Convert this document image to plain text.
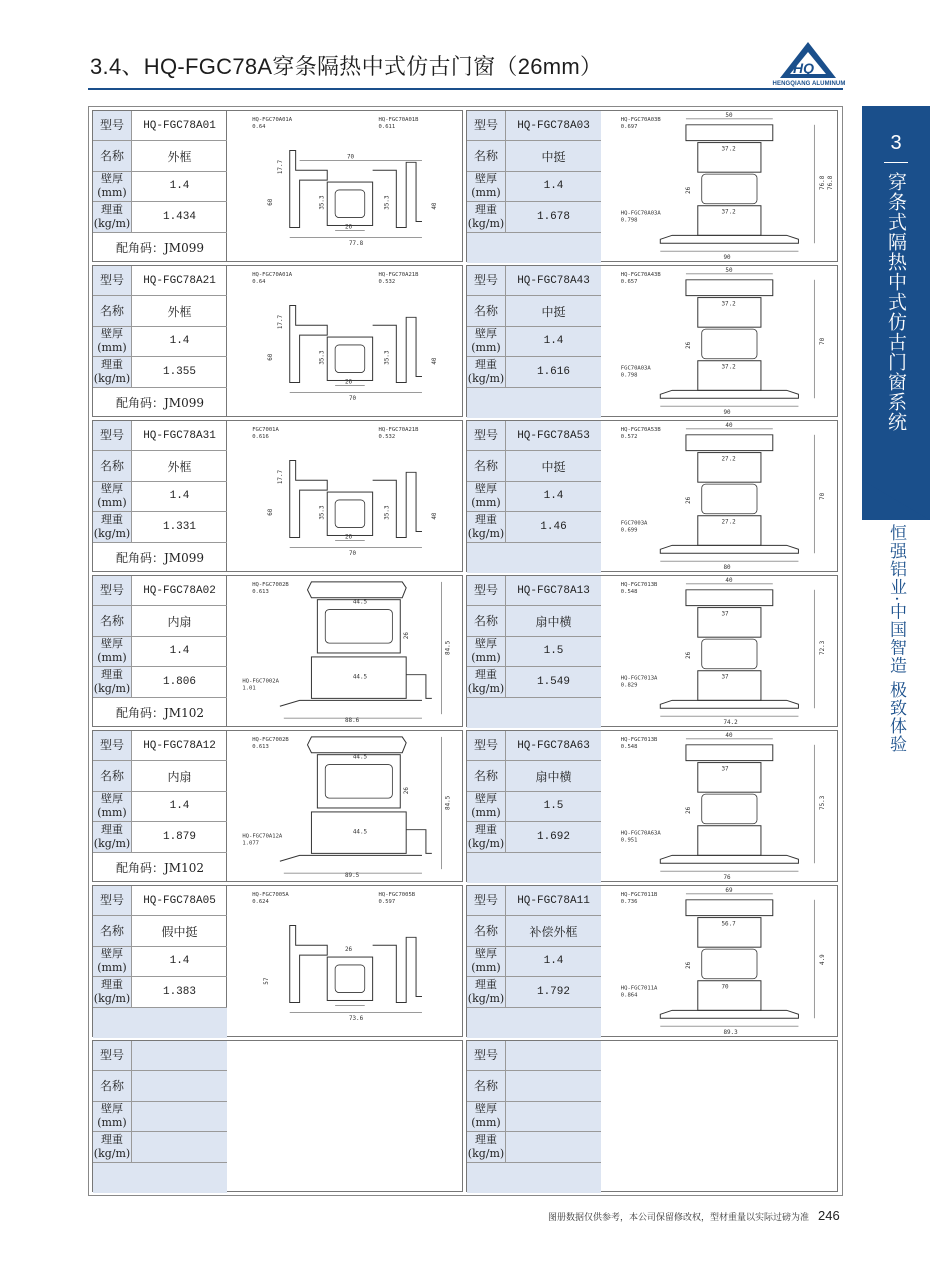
3.4、HQ-FGC78A穿条隔热中式仿古门窗（26mm）	HQ
HENGQIANG ALUMINUM
3
穿条式隔热中式仿古门窗系统
恒强铝业·中国智造 极致体验
型号	HQ-FGC78A01
名称	外框
壁厚
(mm)	1.4
理重
(kg/m)	1.434
配角码：JM099
HQ-FGC70A01A
0.64
HQ-FGC70A01B
0.611
70
17.7
60	35.3	35.3	40
26
77.8
型号	HQ-FGC78A03
名称	中挺
壁厚
(mm)	1.4
理重
(kg/m)	1.678
HQ-FGC70A03B
0.697
HQ-FGC70A03A
0.798
50
37.2
26
37.2
76.8
90
76.8
型号	HQ-FGC78A21
名称	外框
壁厚
(mm)	1.4
理重
(kg/m)	1.355
配角码：JM099
HQ-FGC70A01A
0.64
HQ-FGC70A21B
0.532
17.7
60	35.3	35.3	40
26
70
型号	HQ-FGC78A43
名称	中挺
壁厚
(mm)	1.4
理重
(kg/m)	1.616
HQ-FGC70A43B
0.657
FGC70A03A
0.798
50
37.2
26
37.2
70
90
型号	HQ-FGC78A31
名称	外框
壁厚
(mm)	1.4
理重
(kg/m)	1.331
配角码：JM099
FGC7001A
0.616
HQ-FGC70A21B
0.532
17.7
60	35.3	35.3	40
26
70
型号	HQ-FGC78A53
名称	中挺
壁厚
(mm)	1.4
理重
(kg/m)	1.46
HQ-FGC70A53B
0.572
FGC7003A
0.699
40
27.2
26
27.2
70
80
型号	HQ-FGC78A02
名称	内扇
壁厚
(mm)	1.4
理重
(kg/m)	1.806
配角码：JM102
HQ-FGC7002B
0.613
HQ-FGC7002A
1.01
44.5
26
84.5
44.5
88.6
型号	HQ-FGC78A13
名称	扇中横
壁厚
(mm)	1.5
理重
(kg/m)	1.549
HQ-FGC7013B
0.548
HQ-FGC7013A
0.829
40
37
26
37
72.3
74.2
型号	HQ-FGC78A12
名称	内扇
壁厚
(mm)	1.4
理重
(kg/m)	1.879
配角码：JM102
HQ-FGC7002B
0.613
HQ-FGC70A12A
1.077
44.5
26
84.5
44.5
89.5
型号	HQ-FGC78A63
名称	扇中横
壁厚
(mm)	1.5
理重
(kg/m)	1.692
HQ-FGC7013B
0.548
HQ-FGC70A63A
0.951
40
37
26
75.3
76
型号	HQ-FGC78A05
名称	假中挺
壁厚
(mm)	1.4
理重
(kg/m)	1.383
HQ-FGC7005A
0.624
HQ-FGC7005B
0.597
26
57
73.6
型号	HQ-FGC78A11
名称	补偿外框
壁厚
(mm)	1.4
理重
(kg/m)	1.792
HQ-FGC7011B
0.736
HQ-FGC7011A
0.864
69
56.7
26
70
4.9
89.3
型号
名称
壁厚
(mm)
理重
(kg/m)
型号
名称
壁厚
(mm)
理重
(kg/m)
图册数据仅供参考，本公司保留修改权，型材重量以实际过磅为准 246
